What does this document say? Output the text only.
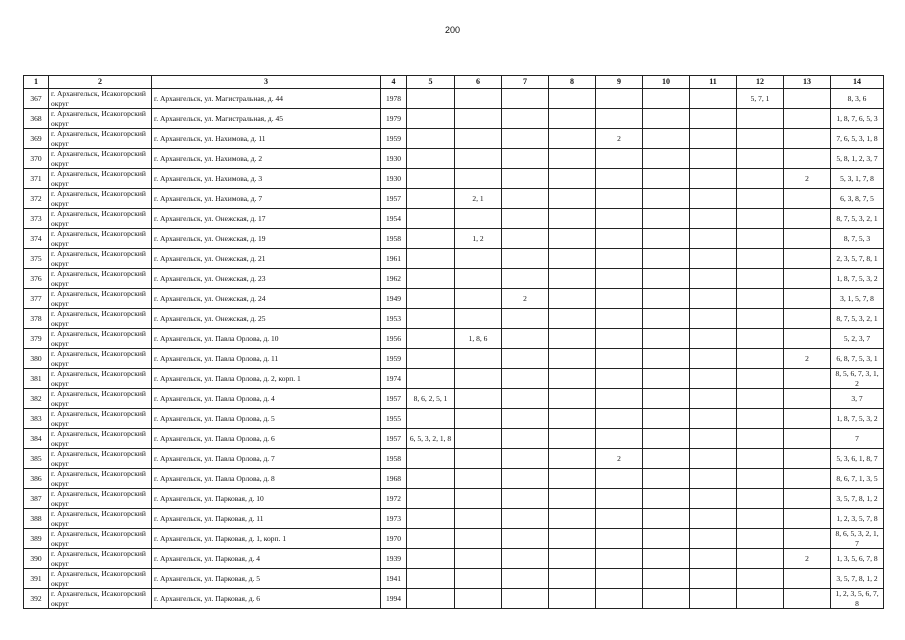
200
1	2	3	4	5	6	7	8	9	10	11	12	13	14
367	г. Архангельск, Исакогорский округ	г. Архангельск, ул. Магистральная, д. 44	1978								5, 7, 1		8, 3, 6
368	г. Архангельск, Исакогорский округ	г. Архангельск, ул. Магистральная, д. 45	1979										1, 8, 7, 6, 5, 3
369	г. Архангельск, Исакогорский округ	г. Архангельск, ул. Нахимова, д. 11	1959					2					7, 6, 5, 3, 1, 8
370	г. Архангельск, Исакогорский округ	г. Архангельск, ул. Нахимова, д. 2	1930										5, 8, 1, 2, 3, 7
371	г. Архангельск, Исакогорский округ	г. Архангельск, ул. Нахимова, д. 3	1930									2	5, 3, 1, 7, 8
372	г. Архангельск, Исакогорский округ	г. Архангельск, ул. Нахимова, д. 7	1957		2, 1								6, 3, 8, 7, 5
373	г. Архангельск, Исакогорский округ	г. Архангельск, ул. Онежская, д. 17	1954										8, 7, 5, 3, 2, 1
374	г. Архангельск, Исакогорский округ	г. Архангельск, ул. Онежская, д. 19	1958		1, 2								8, 7, 5, 3
375	г. Архангельск, Исакогорский округ	г. Архангельск, ул. Онежская, д. 21	1961										2, 3, 5, 7, 8, 1
376	г. Архангельск, Исакогорский округ	г. Архангельск, ул. Онежская, д. 23	1962										1, 8, 7, 5, 3, 2
377	г. Архангельск, Исакогорский округ	г. Архангельск, ул. Онежская, д. 24	1949			2							3, 1, 5, 7, 8
378	г. Архангельск, Исакогорский округ	г. Архангельск, ул. Онежская, д. 25	1953										8, 7, 5, 3, 2, 1
379	г. Архангельск, Исакогорский округ	г. Архангельск, ул. Павла Орлова, д. 10	1956		1, 8, 6								5, 2, 3, 7
380	г. Архангельск, Исакогорский округ	г. Архангельск, ул. Павла Орлова, д. 11	1959									2	6, 8, 7, 5, 3, 1
381	г. Архангельск, Исакогорский округ	г. Архангельск, ул. Павла Орлова, д. 2, корп. 1	1974										8, 5, 6, 7, 3, 1, 2
382	г. Архангельск, Исакогорский округ	г. Архангельск, ул. Павла Орлова, д. 4	1957	8, 6, 2, 5, 1									3, 7
383	г. Архангельск, Исакогорский округ	г. Архангельск, ул. Павла Орлова, д. 5	1955										1, 8, 7, 5, 3, 2
384	г. Архангельск, Исакогорский округ	г. Архангельск, ул. Павла Орлова, д. 6	1957	6, 5, 3, 2, 1, 8									7
385	г. Архангельск, Исакогорский округ	г. Архангельск, ул. Павла Орлова, д. 7	1958					2					5, 3, 6, 1, 8, 7
386	г. Архангельск, Исакогорский округ	г. Архангельск, ул. Павла Орлова, д. 8	1968										8, 6, 7, 1, 3, 5
387	г. Архангельск, Исакогорский округ	г. Архангельск, ул. Парковая, д. 10	1972										3, 5, 7, 8, 1, 2
388	г. Архангельск, Исакогорский округ	г. Архангельск, ул. Парковая, д. 11	1973										1, 2, 3, 5, 7, 8
389	г. Архангельск, Исакогорский округ	г. Архангельск, ул. Парковая, д. 1, корп. 1	1970										8, 6, 5, 3, 2, 1, 7
390	г. Архангельск, Исакогорский округ	г. Архангельск, ул. Парковая, д. 4	1939									2	1, 3, 5, 6, 7, 8
391	г. Архангельск, Исакогорский округ	г. Архангельск, ул. Парковая, д. 5	1941										3, 5, 7, 8, 1, 2
392	г. Архангельск, Исакогорский округ	г. Архангельск, ул. Парковая, д. 6	1994										1, 2, 3, 5, 6, 7, 8
